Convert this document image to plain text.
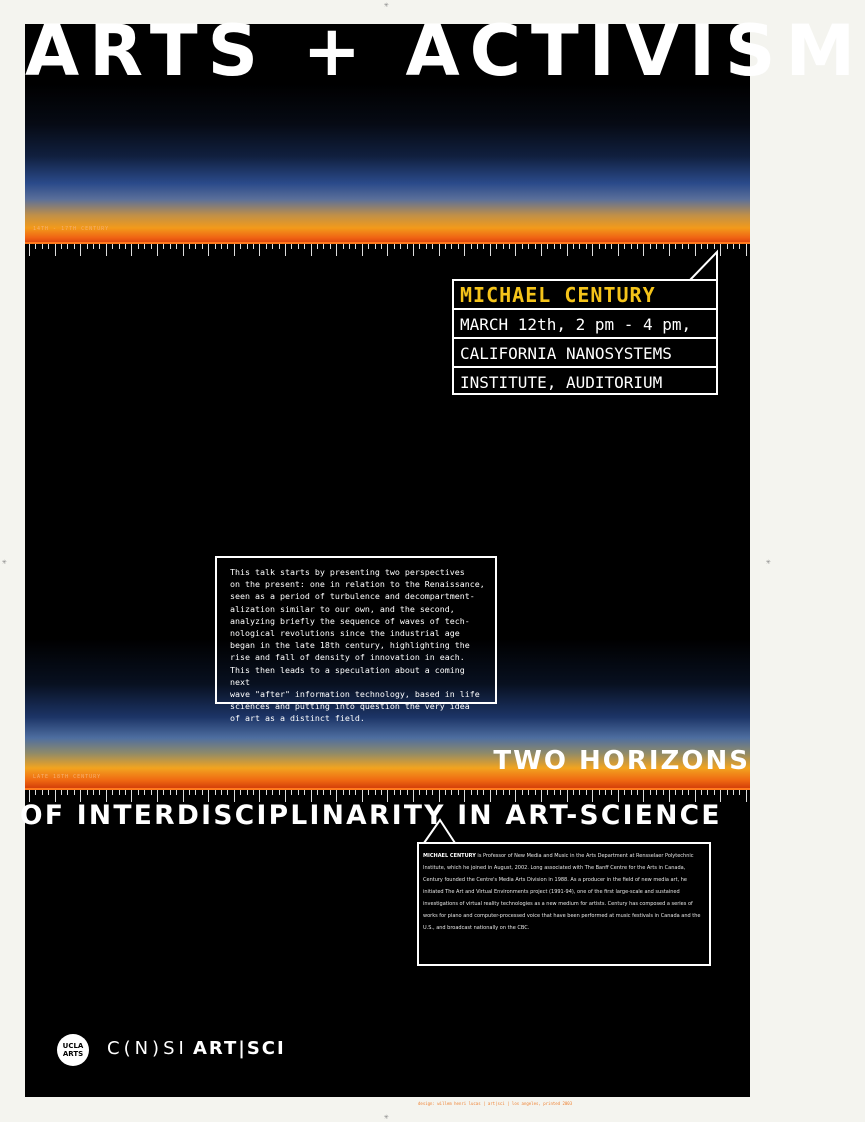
14TH - 17TH CENTURY
ARTS + ACTIVISM
MICHAEL CENTURY
MARCH 12th, 2 pm - 4 pm,
CALIFORNIA NANOSYSTEMS
INSTITUTE, AUDITORIUM
LATE 18TH CENTURY
This talk starts by presenting two perspectives
on the present: one in relation to the Renaissance,
seen as a period of turbulence and decompartment-
alization similar to our own, and the second,
analyzing briefly the sequence of waves of tech-
nological revolutions since the industrial age
began in the late 18th century, highlighting the
rise and fall of density of innovation in each.
This then leads to a speculation about a coming next
wave "after" information technology, based in life
sciences and putting into question the very idea
of art as a distinct field.
TWO HORIZONS
OF INTERDISCIPLINARITY IN ART-SCIENCE
MICHAEL CENTURY is Professor of New Media and Music in the Arts Department at Rensselaer Polytechnic Institute, which he joined in August, 2002. Long associated with The Banff Centre for the Arts in Canada, Century founded the Centre's Media Arts Division in 1988. As a producer in the field of new media art, he initiated The Art and Virtual Environments project (1991-94), one of the first large-scale and sustained investigations of virtual reality technologies as a new medium for artists. Century has composed a series of works for piano and computer-processed voice that have been performed at music festivals in Canada and the U.S., and broadcast nationally on the CBC.
UCLA
ARTS	C(N)SI ART|SCI
design: willem henri lucas | art|sci | los angeles, printed 2003
✳
✳
✳	✳
